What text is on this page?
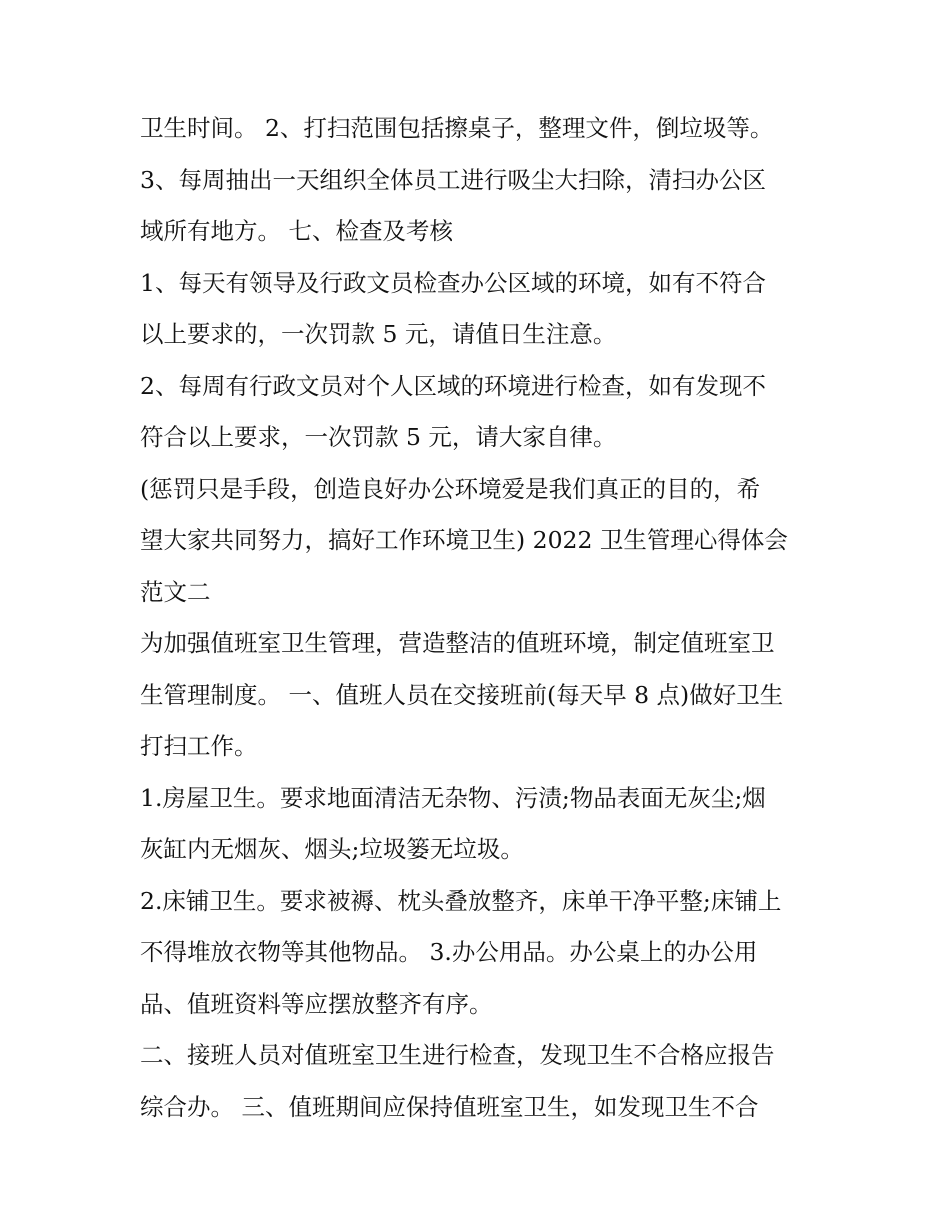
卫生时间。 2、打扫范围包括擦桌子，整理文件，倒垃圾等。
3、每周抽出一天组织全体员工进行吸尘大扫除，清扫办公区
域所有地方。 七、检查及考核
1、每天有领导及行政文员检查办公区域的环境，如有不符合
以上要求的，一次罚款 5 元，请值日生注意。
2、每周有行政文员对个人区域的环境进行检查，如有发现不
符合以上要求，一次罚款 5 元，请大家自律。
(惩罚只是手段，创造良好办公环境爱是我们真正的目的，希
望大家共同努力，搞好工作环境卫生) 2022 卫生管理心得体会
范文二
为加强值班室卫生管理，营造整洁的值班环境，制定值班室卫
生管理制度。 一、值班人员在交接班前(每天早 8 点)做好卫生
打扫工作。
1.房屋卫生。要求地面清洁无杂物、污渍;物品表面无灰尘;烟
灰缸内无烟灰、烟头;垃圾篓无垃圾。
2.床铺卫生。要求被褥、枕头叠放整齐，床单干净平整;床铺上
不得堆放衣物等其他物品。 3.办公用品。办公桌上的办公用
品、值班资料等应摆放整齐有序。
二、接班人员对值班室卫生进行检查，发现卫生不合格应报告
综合办。 三、值班期间应保持值班室卫生，如发现卫生不合
